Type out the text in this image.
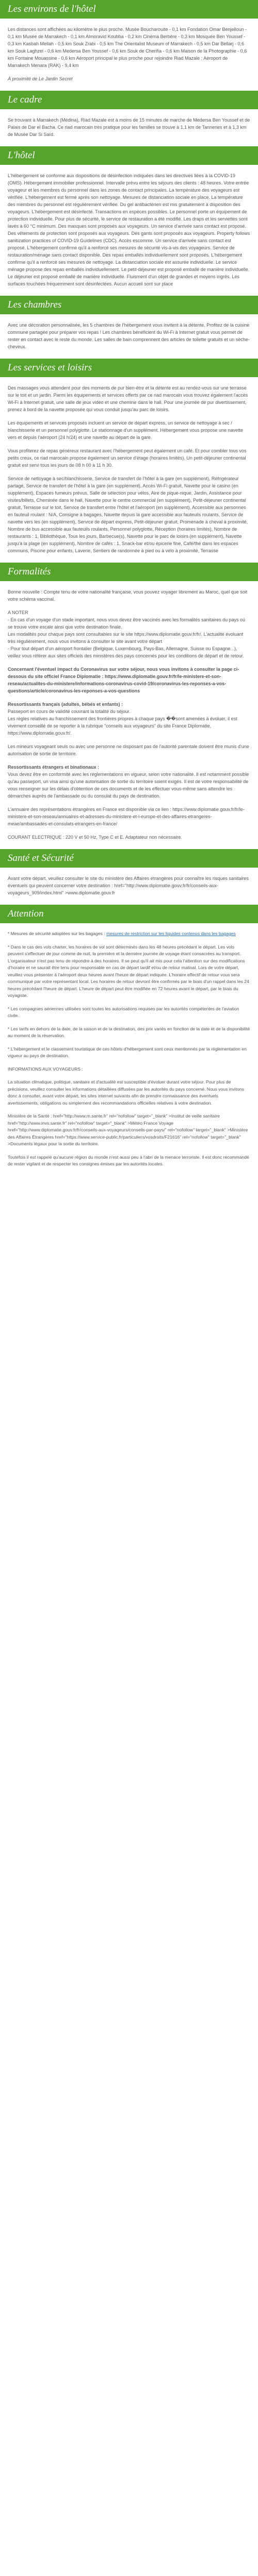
Les environs de l'hôtel

Les distances sont affichées au kilomètre le plus proche. Musée Boucharouite - 0,1 km Fondation Omar Benjelloun - 0,1 km Musée de Marrakech - 0,1 km Almoravid Koubba - 0,2 km Cinéma Berbère - 0,3 km Mosquée Ben Youssef - 0,3 km Kasbah Mellah - 0,5 km Souk Zrabi - 0,5 km The Orientalist Museum of Marrakech - 0,5 km Dar Bellarj - 0,6 km Souk Laghzel - 0,6 km Medersa Ben Youssef - 0,6 km Souk de Cherifia - 0,6 km Maison de la Photographie - 0,6 km Fontaine Mouassine - 0,6 km Aéroport principal le plus proche pour rejoindre Riad Mazale : Aéroport de Marrakech Menara (RAK) - 9,4 km

À proximité de Le Jardin Secret

Le cadre

Se trouvant à Marrakech (Médina), Riad Mazale est à moins de 15 minutes de marche de Medersa Ben Youssef et de Palais de Dar el Bacha. Ce riad marocain très pratique pour les familles se trouve à 1,1 km de Tanneries et à 1,3 km de Musée Dar Si Saïd.

L'hôtel

L'hébergement se conforme aux dispositions de désinfection indiquées dans les directives liées à la COVID-19 (OMS). Hébergement immobilier professionnel. Intervalle prévu entre les séjours des clients : 48 heures. Votre entrée voyageur et les membres du personnel dans les zones de contact principales. La température des voyageurs est vérifiée. L'hébergement est fermé après son nettoyage. Mesures de distanciation sociale en place. La température des membres du personnel est régulièrement vérifiée. Du gel antibactérien est mis gratuitement à disposition des voyageurs. L'hébergement est désinfecté. Transactions en espèces possibles. Le personnel porte un équipement de protection individuelle. Pour plus de sécurité, le service de restauration a été modifié. Les draps et les serviettes sont lavés à 60 °C minimum. Des masques sont proposés aux voyageurs. Un service d'arrivée sans contact est proposé. Des vêtements de protection sont proposés aux voyageurs. Des gants sont proposés aux voyageurs. Property follows sanitization practices of COVID-19 Guidelines (CDC). Accès escomme. Un service d'arrivée sans contact est proposé. L'hébergement confirme qu'il a renforcé ses mesures de sécurité vis-à-vis des voyageurs. Service de restauration/ménage sans contact disponible. Des repas emballés individuellement sont proposés. L'hébergement confirme qu'il a renforcé ses mesures de nettoyage. La distanciation sociale est assurée individuelle. Le service ménage propose des repas emballés individuellement. Le petit-déjeuner est proposé emballé de manière individuelle. Le déjeuner est proposé emballé de manière individuelle. Fluisment d'un objet de grandes et moyens ingrés. Les surfaces touchées fréquemment sont désinfectées. Aucun accueil sont sur place

Les chambres

Avec une décoration personnalisée, les 5 chambres de l'hébergement vous invitent à la détente. Profitez de la cuisine commune partagée pour préparer vos repas ! Les chambres bénéficient du Wi-Fi à Internet gratuit vous permet de rester en contact avec le reste du monde. Les salles de bain comprennent des articles de toilette gratuits et un sèche-cheveux.

Les services et loisirs

Des massages vous attendent pour des moments de pur bien-être et la détente est au rendez-vous sur une terrasse sur le toit et un jardin. Parmi les équipements et services offerts par ce riad marocain vous trouvez également l'accès Wi-Fi à Internet gratuit, une salle de jeux vidéo et une chemine dans le hall. Pour une journée de pur divertissement, prenez à bord de la navette proposée qui vous conduit jusqu'au parc de loisirs.

Les équipements et services proposés incluent un service de départ express, un service de nettoyage à sec / blanchisserie et un personnel polyglotte. Le stationnage d'un supplément. Hébergement vous propose une navette vers et depuis l'aéroport (24 h/24) et une navette au départ de la gare.

Vous profiterez de repas généreux restaurant avec l'hébergement peut également un café. Et pour combler tous vos petits creux, ce riad marocain propose également un service d'étage (horaires limités). Un petit-déjeuner continental gratuit est servi tous les jours de 08 h 00 à 11 h 30.

Service de nettoyage à sec/blanchisserie, Service de transfert de l'hôtel à la gare (en supplément), Réfrigérateur partagé, Service de transfert de l'hôtel à la gare (en supplément), Accès Wi-Fi gratuit, Navette pour le casino (en supplément), Espaces fumeurs prévus, Salle de sélection pour vélos, Aire de pique-nique, Jardin, Assistance pour visites/billets, Cheminée dans le hall, Navette pour le centre commercial (en supplément), Petit-déjeuner continental gratuit, Terrasse sur le toit, Service de transfert entre l'hôtel et l'aéroport (en supplément), Accessible aux personnes en fauteuil roulant : N/A, Consigne à bagages, Navette depuis la gare accessible aux fauteuils roulants, Service de navette vers les (en supplément), Service de départ express, Petit-déjeuner gratuit, Promenade à cheval à proximité, Nombre de bus accessible aux fauteuils roulants, Personnel polyglotte, Réception (horaires limités), Nombre de restaurants : 1, Bibliothèque, Tous les jours, Barbecue(s), Navette pour le parc de loisirs (en supplément), Navette jusqu'à la plage (en supplément), Nombre de cafés : 1, Snack-bar et/ou épicerie fine, Café/thé dans les espaces communs, Piscine pour enfants, Laverie, Sentiers de randonnée à pied ou à vélo à proximité, Terrasse

Formalités

Bonne nouvelle : Compte tenu de votre nationalité française, vous pouvez voyager librement au Maroc, quel que soit votre schéma vaccinal.

A NOTER

- En cas d'un voyage d'un stade important, nous vous devez être vaccinés avec les formalités sanitaires du pays où se trouve votre escale ainsi que votre destination finale.

Les modalités pour chaque pays sont consultables sur le site https://www.diplomatie.gouv.fr/fr/. L'actualité évoluant très régulièrement, nous vous invitons à consulter le site avant votre départ

- Pour tout départ d'un aéroport frontalier (Belgique, Luxembourg, Pays-Bas, Allemagne, Suisse ou Espagne...), veillez vous référer aux sites officiels des ministères des pays concernés pour les conditions de départ et de retour.

Concernant l'éventuel impact du Coronavirus sur votre séjour, nous vous invitons à consulter la page ci-dessous du site officiel France Diplomatie : https://www.diplomatie.gouv.fr/fr/le-ministere-et-son-reseau/actualites-du-ministere/informations-coronavirus-covid-19/coronavirus-les-reponses-a-vos-questions/article/coronavirus-les-reponses-a-vos-questions

Ressortissants français (adultes, bébés et enfants) :

Passeport en cours de validité couvrant la totalité du séjour.

Les règles relatives au franchissement des frontières propres à chaque pays ��sont amenées à évoluer, il est vivement conseillé de se reporter à la rubrique "conseils aux voyageurs" du site France Diplomatie, https://www.diplomatie.gouv.fr/.

Les mineurs voyageant seuls ou avec une personne ne disposant pas de l'autorité parentale doivent être munis d'une autorisation de sortie de territoire.

Ressortissants étrangers et binationaux :

Vous devez être en conformité avec les réglementations en vigueur, selon votre nationalité. Il est notamment possible qu'au passeport, un visa ainsi qu'une autorisation de sortie du territoire soient exigés. Il est de votre responsabilité de vous renseigner sur les délais d'obtention de ces documents et de les effectuer vous-même sans attendre les démarches auprès de l'ambassade ou du consulat du pays de destination.

L'annuaire des représentations étrangères en France est disponible via ce lien : https://www.diplomatie.gouv.fr/fr/le-ministere-et-son-reseau/annuaires-et-adresses-du-ministere-et-l-europe-et-des-affaires-etrangeres-meae/ambassades-et-consulats-etrangers-en-france/

COURANT ELECTRIQUE : 220 V et 50 Hz, Type C et E. Adaptateur non nécessaire.

Santé et Sécurité

Avant votre départ, veuillez consulter le site du ministère des Affaires étrangères pour connaître les risques sanitaires éventuels qui peuvent concerner votre destination : href="http://www.diplomatie.gouv.fr/fr/conseils-aux-voyageurs_909/index.html" >www.diplomatie.gouv.fr

Attention

* Mesures de sécurité adoptées sur les bagages : mesures de restriction sur les liquides contenus dans les bagages

* Dans le cas des vols charter, les horaires de vol sont déterminés dans les 48 heures précédant le départ. Les vols peuvent s'effectuer de jour comme de nuit, la première et la dernière journée de voyage étant consacrées au transport. L'organisateur n'est pas tenu de répondre à des horaires. Il se peut qu'il ait mis pour cela l'attention sur des modifications d'horaire et ne saurait être tenu pour responsable en cas de départ tardif et/ou de retour matinal. Lors de votre départ, veuillez vous présenter à l'aéroport deux heures avant l'heure de départ indiquée. L'horaire effectif de retour vous sera communiqué par votre représentant local. Les horaires de retour devront être confirmés par le biais d'un rappel dans les 24 heures précédant l'heure de départ. L'heure de départ peut être modifiée en 72 heures avant le départ, par le biais du voyagiste.

* Les compagnies aériennes utilisées sont toutes les autorisations requises par les autorités compétentes de l'aviation civile.

* Les tarifs en dehors de la date, de la saison et de la destination, des prix variés en fonction de la date et de la disponibilité au moment de la réservation.

* L'hébergement et le classement touristique de ces hôtels d'hébergement sont ceux mentionnés par la réglementation en vigueur au pays de destination.

INFORMATIONS AUX VOYAGEURS :

La situation climatique, politique, sanitaire et d'actualité est susceptible d'évoluer durant votre séjour. Pour plus de précisions, veuillez consulter les informations détaillées diffusées par les autorités du pays concerné. Nous vous invitons donc à consulter, avant votre départ, les sites internet suivants afin de prendre connaissance des éventuels avertissements, obligations ou simplement des recommandations officielles relatives à votre destination.

Ministère de la Santé : href="http://www.m.sante.fr" rel="nofollow" target="_blank" >Institut de veille sanitaire href="http://www.invs.sante.fr" rel="nofollow" target="_blank" >Météo France Voyage href="http://www.diplomatie.gouv.fr/fr/conseils-aux-voyageurs/conseils-par-pays/" rel="nofollow" target="_blank" >Ministère des Affaires Étrangères href="https://www.service-public.fr/particuliers/vosdroits/F21616" rel="nofollow" target="_blank" >Documents légaux pour la sortie du territoire.

Toutefois il est rappelé qu'aucune région du monde n'est aussi peu à l'abri de la menace terroriste. Il est donc recommandé de rester vigilant et de respecter les consignes émises par les autorités locales.
